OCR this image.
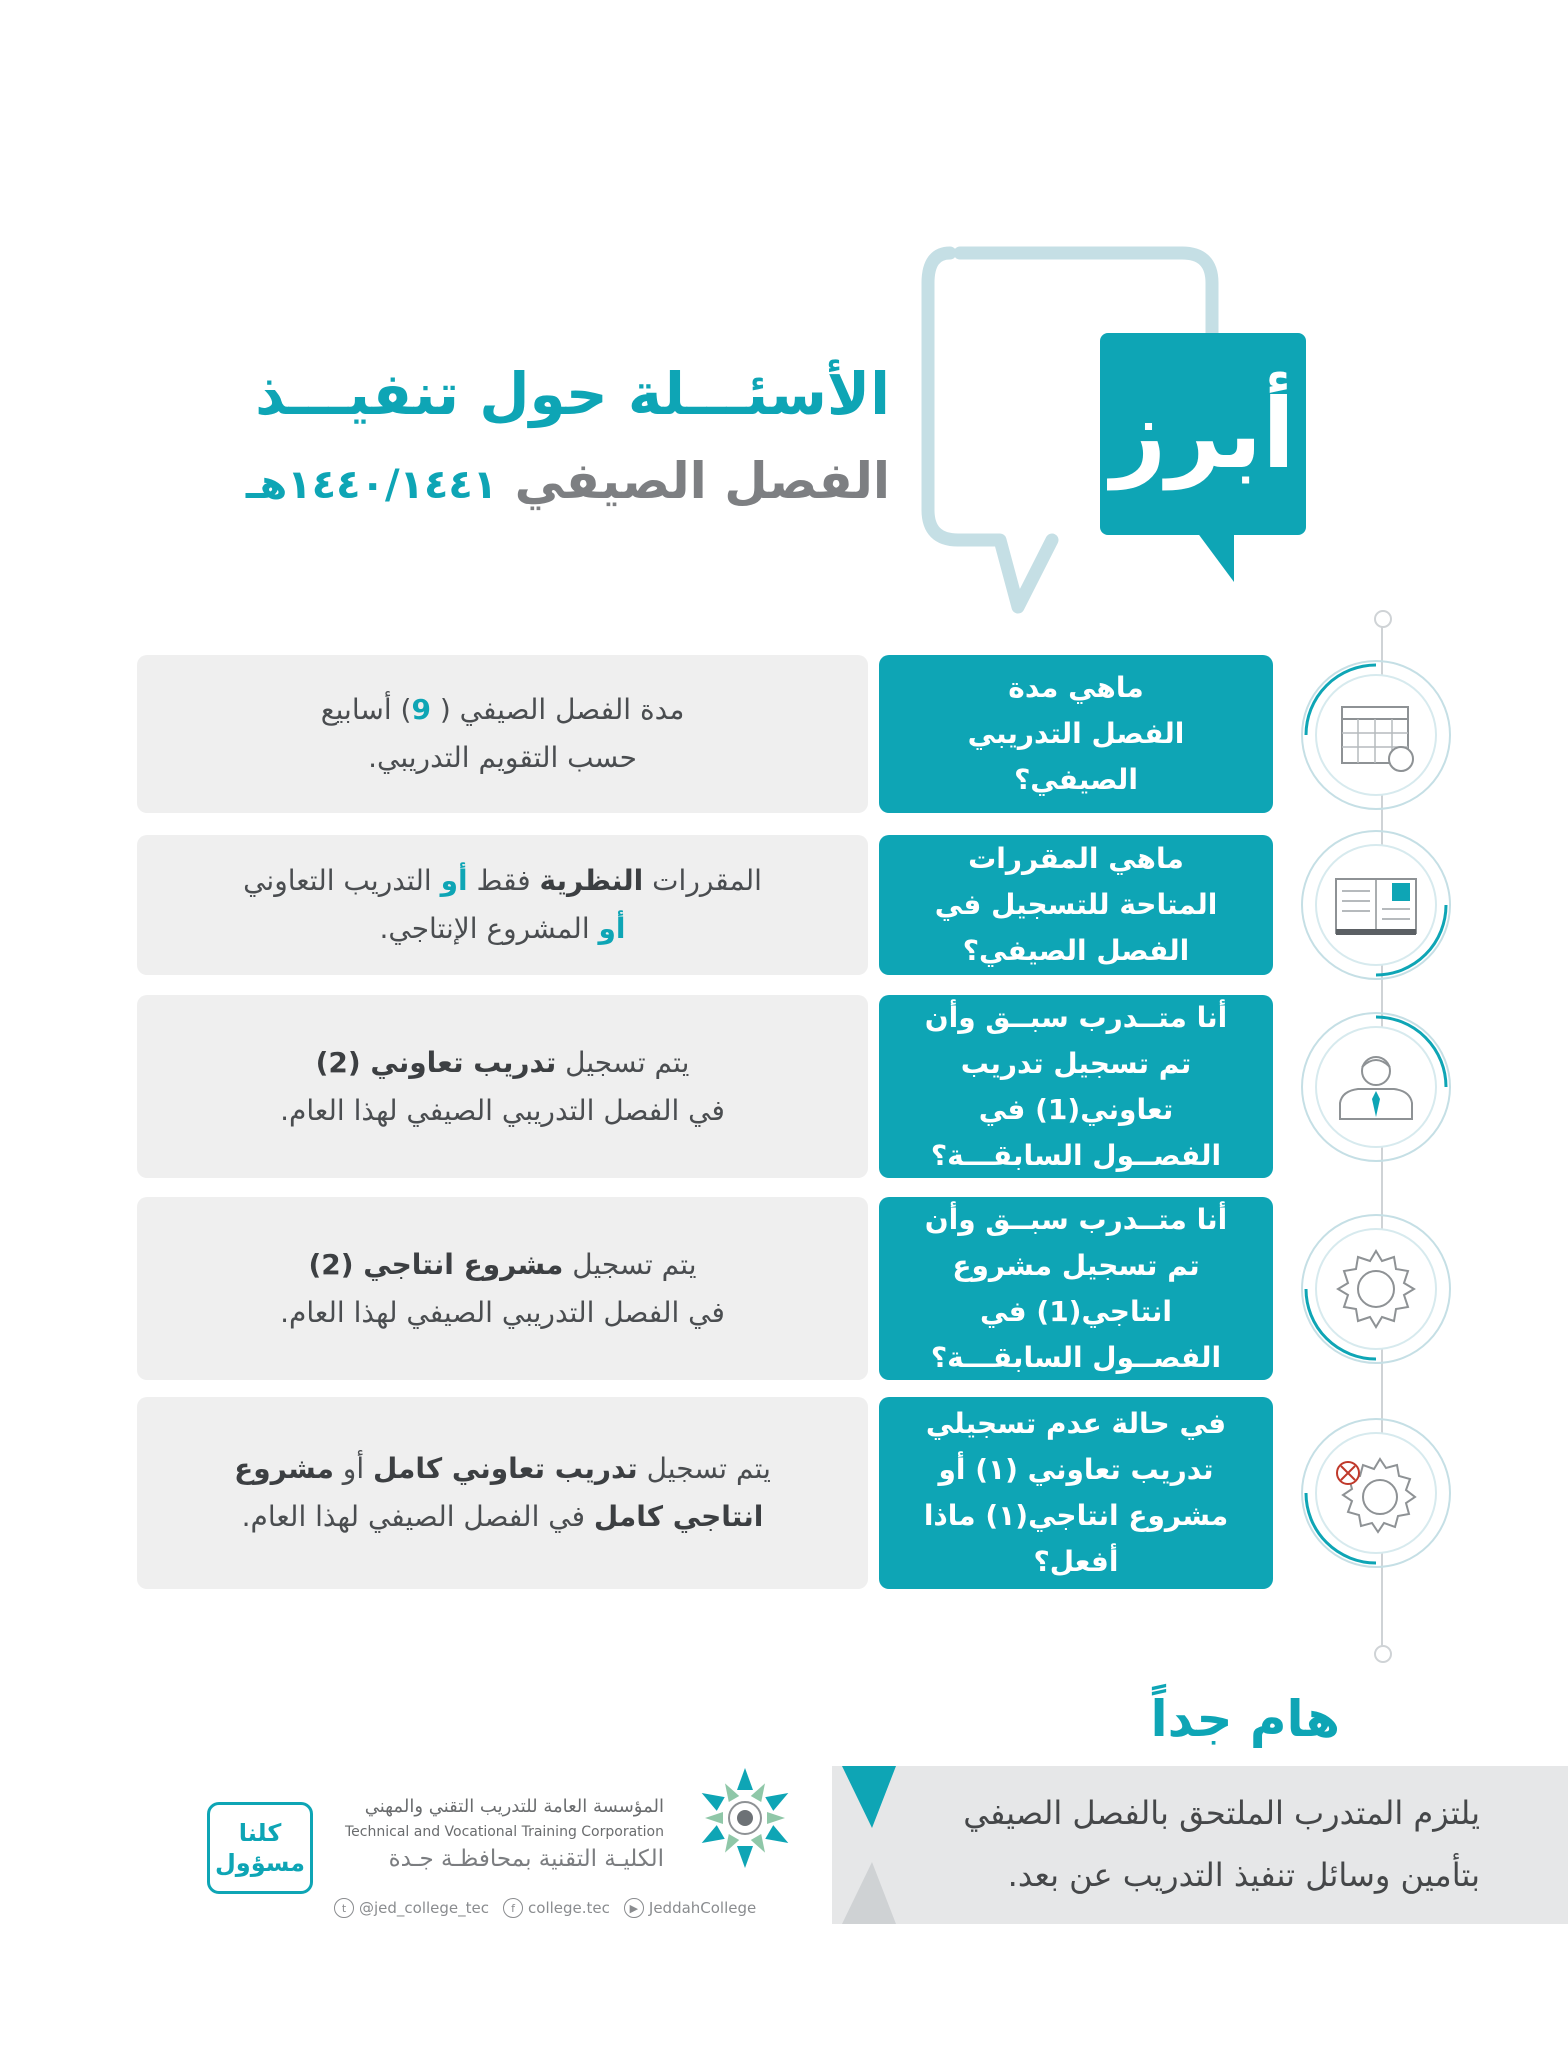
أبرز
الأسئـــلة حول تنفيـــذ
الفصل الصيفي ١٤٤٠/١٤٤١هـ
مدة الفصل الصيفي ( 9) أسابيع
حسب التقويم التدريبي.
ماهي مدة الفصل التدريبي الصيفي؟
المقررات النظرية فقط أو التدريب التعاوني
أو المشروع الإنتاجي.
ماهي المقررات المتاحة للتسجيل في الفصل الصيفي؟
يتم تسجيل تدريب تعاوني (2)
في الفصل التدريبي الصيفي لهذا العام.
أنا متــدرب سبــق وأن تم تسجيل تدريب تعاوني(1) في الفصــول السابقـــة؟
يتم تسجيل مشروع انتاجي (2)
في الفصل التدريبي الصيفي لهذا العام.
أنا متــدرب سبــق وأن تم تسجيل مشروع انتاجي(1) في الفصــول السابقـــة؟
يتم تسجيل تدريب تعاوني كامل أو مشروع
انتاجي كامل في الفصل الصيفي لهذا العام.
في حالة عدم تسجيلي تدريب تعاوني (١) أو مشروع انتاجي(١) ماذا أفعل؟
هام جداً
يلتزم المتدرب الملتحق بالفصل الصيفي
بتأمين وسائل تنفيذ التدريب عن بعد.
كلنا
مسؤول
المؤسسة العامة للتدريب التقني والمهني
Technical and Vocational Training Corporation
الكليـة التقنية بمحافظـة جـدة
t @jed_college_tec	f college.tec	▶ JeddahCollege
